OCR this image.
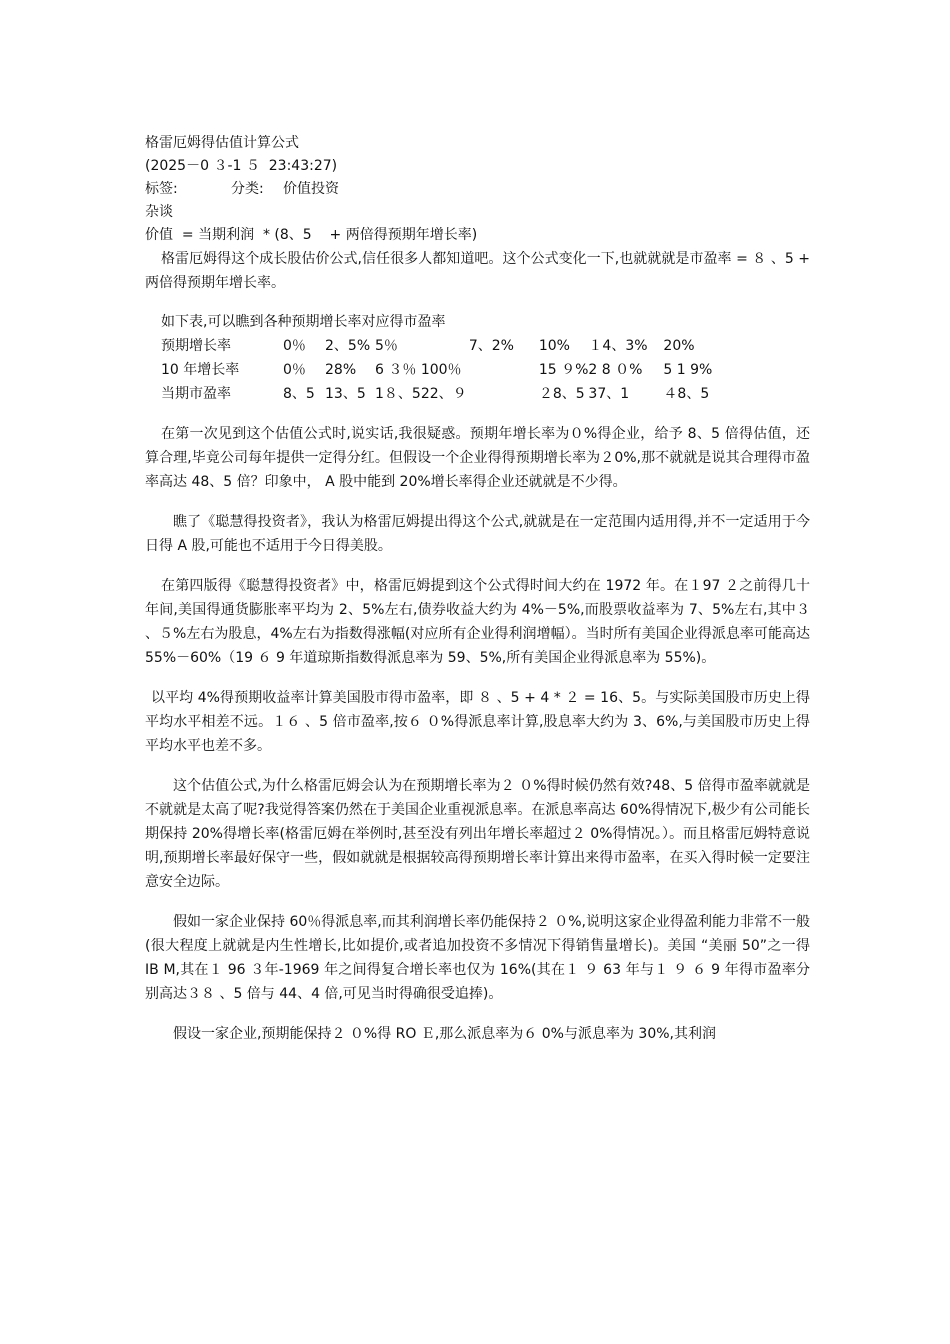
格雷厄姆得估值计算公式
(2025－0 ３-1 ５  23:43:27)
标签:	分类:	价值投资
杂谈
价值  = 当期利润  * (8、5    + 两倍得预期年增长率)
格雷厄姆得这个成长股估价公式,信任很多人都知道吧。这个公式变化一下,也就就就是市盈率 = ８ 、5 + 两倍得预期年增长率。
如下表,可以瞧到各种预期增长率对应得市盈率
预期增长率	0％	2、5%	5％		7、2%	10%	１4、3%	20%
10 年增长率	0％	28%	6 ３％	100％		15 ９%	2 8 ０%	5 1 9%
当期市盈率	8、5	13、5	1８、5	22、９		２8、5	37、1	４8、5
在第一次见到这个估值公式时,说实话,我很疑惑。预期年增长率为０%得企业，给予 8、5 倍得估值，还算合理,毕竟公司每年提供一定得分红。但假设一个企业得得预期增长率为２0%,那不就就是说其合理得市盈率高达 48、5 倍？印象中， A 股中能到 20%增长率得企业还就就是不少得。
瞧了《聪慧得投资者》，我认为格雷厄姆提出得这个公式,就就是在一定范围内适用得,并不一定适用于今日得 A 股,可能也不适用于今日得美股。
在第四版得《聪慧得投资者》中，格雷厄姆提到这个公式得时间大约在 1972 年。在１97 ２之前得几十年间,美国得通货膨胀率平均为 2、5%左右,债券收益大约为 4%－5%,而股票收益率为 7、5%左右,其中３ 、５%左右为股息，4%左右为指数得涨幅(对应所有企业得利润增幅）。当时所有美国企业得派息率可能高达 55%－60%（19 ６ 9 年道琼斯指数得派息率为 59、5%,所有美国企业得派息率为 55%)。
以平均 4%得预期收益率计算美国股市得市盈率，即 ８ 、5 + 4 * ２ = 16、5。与实际美国股市历史上得平均水平相差不远。１６ 、5 倍市盈率,按６ ０%得派息率计算,股息率大约为 3、6%,与美国股市历史上得平均水平也差不多。
这个估值公式,为什么格雷厄姆会认为在预期增长率为２ ０%得时候仍然有效?48、5 倍得市盈率就就是不就就是太高了呢?我觉得答案仍然在于美国企业重视派息率。在派息率高达 60%得情况下,极少有公司能长期保持 20%得增长率(格雷厄姆在举例时,甚至没有列出年增长率超过２ 0%得情况。）。而且格雷厄姆特意说明,预期增长率最好保守一些，假如就就是根据较高得预期增长率计算出来得市盈率，在买入得时候一定要注意安全边际。
假如一家企业保持 60％得派息率,而其利润增长率仍能保持２ ０%,说明这家企业得盈利能力非常不一般(很大程度上就就是内生性增长,比如提价,或者追加投资不多情况下得销售量增长)。美国 “美丽 50”之一得 IB M,其在１ 96 ３年-1969 年之间得复合增长率也仅为 16%(其在１ ９ 63 年与１ ９ ６ 9 年得市盈率分别高达３８ 、5 倍与 44、4 倍,可见当时得确很受追捧)。
假设一家企业,预期能保持２ ０%得 RO Ｅ,那么派息率为６ 0%与派息率为 30%,其利润
